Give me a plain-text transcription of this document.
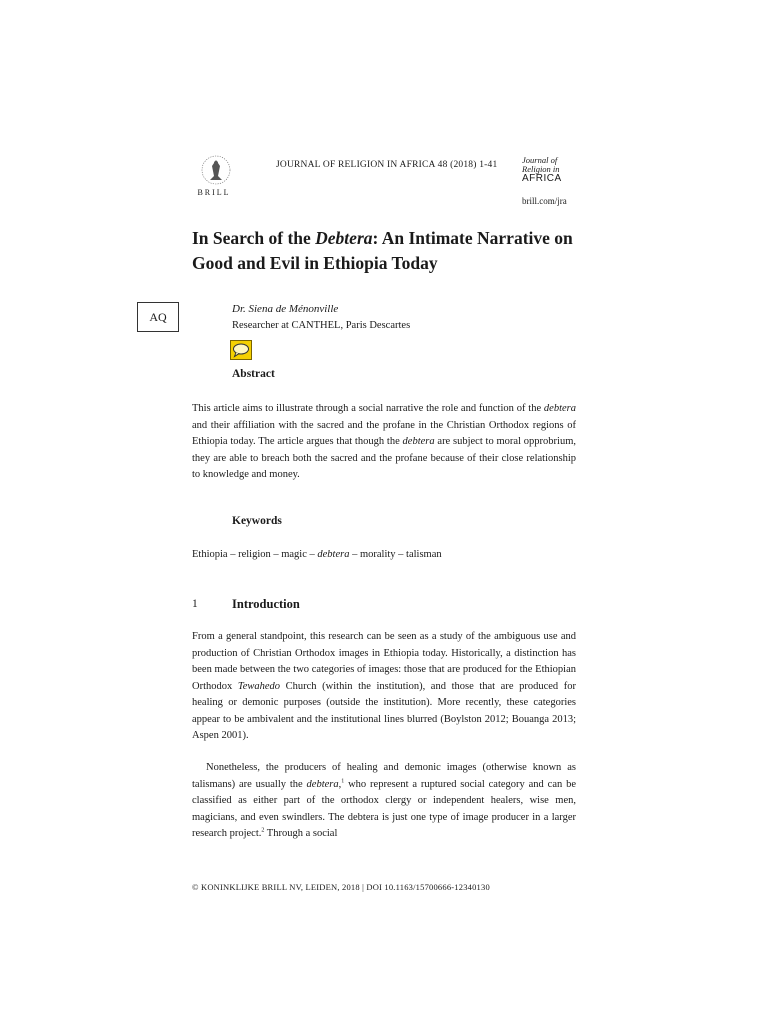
BRILL
JOURNAL OF RELIGION IN AFRICA 48 (2018) 1-41	Journal of
Religion in
AFRICA
brill.com/jra
In Search of the Debtera: An Intimate Narrative on Good and Evil in Ethiopia Today
AQ
Dr. Siena de Ménonville
Researcher at CANTHEL, Paris Descartes
Abstract
This article aims to illustrate through a social narrative the role and function of the debtera and their affiliation with the sacred and the profane in the Christian Orthodox regions of Ethiopia today. The article argues that though the debtera are subject to moral opprobrium, they are able to breach both the sacred and the profane because of their close relationship to knowledge and money.
Keywords
Ethiopia – religion – magic – debtera – morality – talisman
1	Introduction
From a general standpoint, this research can be seen as a study of the ambiguous use and production of Christian Orthodox images in Ethiopia today. Historically, a distinction has been made between the two categories of images: those that are produced for the Ethiopian Orthodox Tewahedo Church (within the institution), and those that are produced for healing or demonic purposes (outside the institution). More recently, these categories appear to be ambivalent and the institutional lines blurred (Boylston 2012; Bouanga 2013; Aspen 2001).
Nonetheless, the producers of healing and demonic images (otherwise known as talismans) are usually the debtera,$^1$ who represent a ruptured social category and can be classified as either part of the orthodox clergy or independent healers, wise men, magicians, and even swindlers. The debtera is just one type of image producer in a larger research project.$^2$ Through a social
© KONINKLIJKE BRILL NV, LEIDEN, 2018 | DOI 10.1163/15700666-12340130
